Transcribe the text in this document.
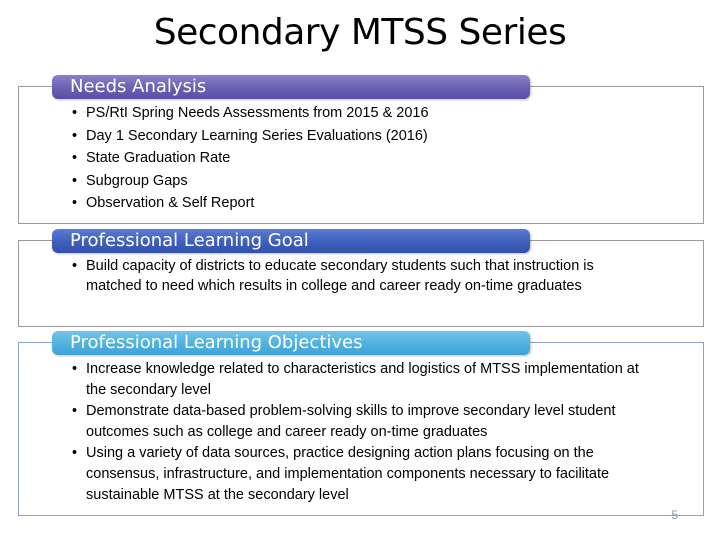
Secondary MTSS Series
Needs Analysis
• PS/RtI Spring Needs Assessments from 2015 & 2016
• Day 1 Secondary Learning Series Evaluations (2016)
• State Graduation Rate
• Subgroup Gaps
• Observation & Self Report
Professional Learning Goal
• Build capacity of districts to educate secondary students such that instruction is matched to need which results in college and career ready on-time graduates
Professional Learning Objectives
• Increase knowledge related to characteristics and logistics of MTSS implementation at the secondary level
• Demonstrate data-based problem-solving skills to improve secondary level student outcomes such as college and career ready on-time graduates
• Using a variety of data sources, practice designing action plans focusing on the consensus, infrastructure, and implementation components necessary to facilitate sustainable MTSS at the secondary level
5
